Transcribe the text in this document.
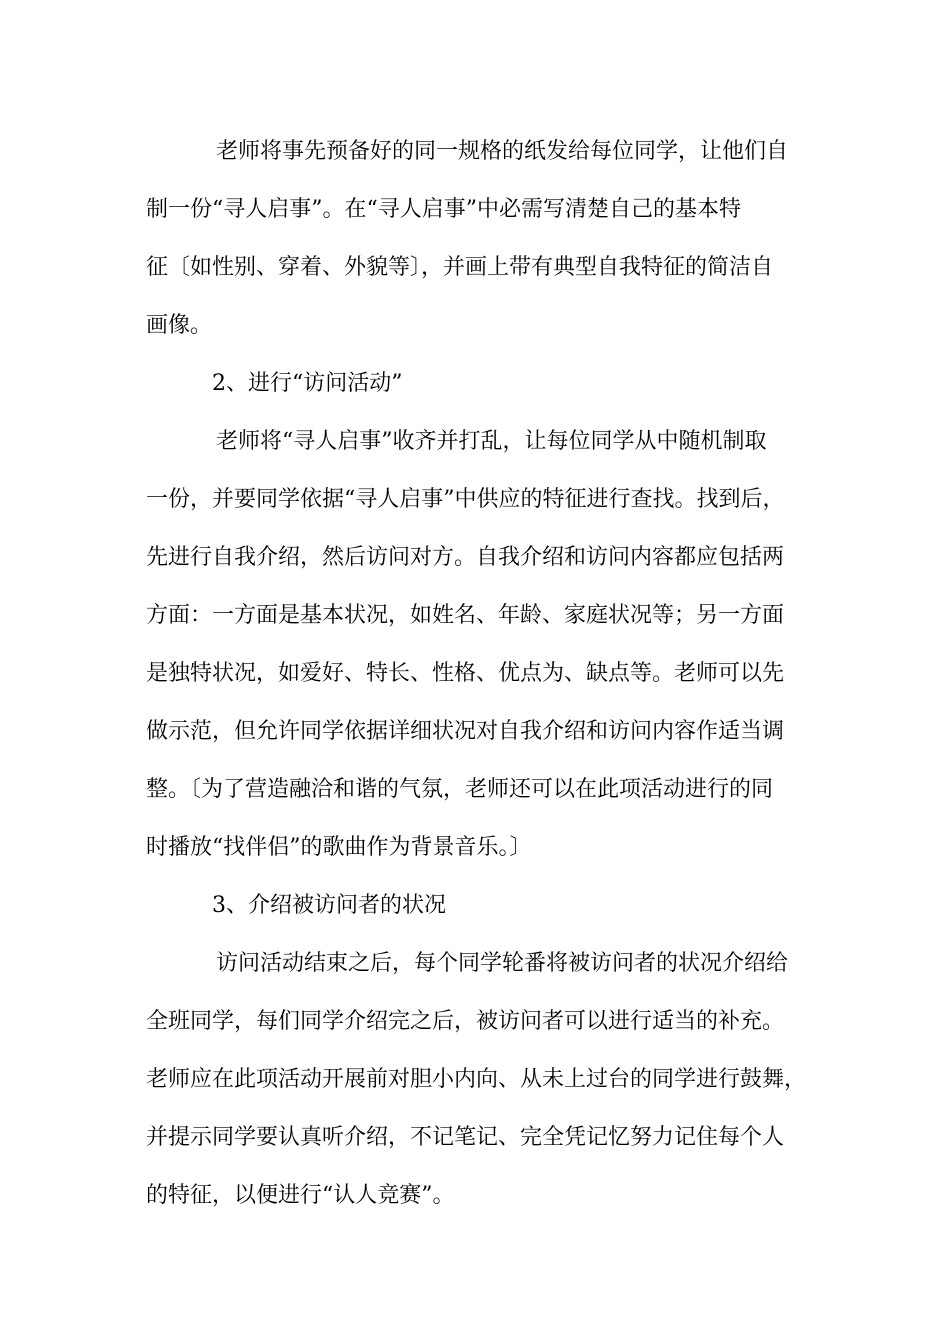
老师将事先预备好的同一规格的纸发给每位同学，让他们自
制一份“寻人启事”。在“寻人启事”中必需写清楚自己的基本特
征〔如性别、穿着、外貌等〕，并画上带有典型自我特征的简洁自
画像。
2、进行“访问活动”
老师将“寻人启事”收齐并打乱，让每位同学从中随机制取
一份，并要同学依据“寻人启事”中供应的特征进行查找。找到后，
先进行自我介绍，然后访问对方。自我介绍和访问内容都应包括两
方面：一方面是基本状况，如姓名、年龄、家庭状况等；另一方面
是独特状况，如爱好、特长、性格、优点为、缺点等。老师可以先
做示范，但允许同学依据详细状况对自我介绍和访问内容作适当调
整。〔为了营造融洽和谐的气氛，老师还可以在此项活动进行的同
时播放“找伴侣”的歌曲作为背景音乐。〕
3、介绍被访问者的状况
访问活动结束之后，每个同学轮番将被访问者的状况介绍给
全班同学，每们同学介绍完之后，被访问者可以进行适当的补充。
老师应在此项活动开展前对胆小内向、从未上过台的同学进行鼓舞，
并提示同学要认真听介绍，不记笔记、完全凭记忆努力记住每个人
的特征，以便进行“认人竞赛”。
